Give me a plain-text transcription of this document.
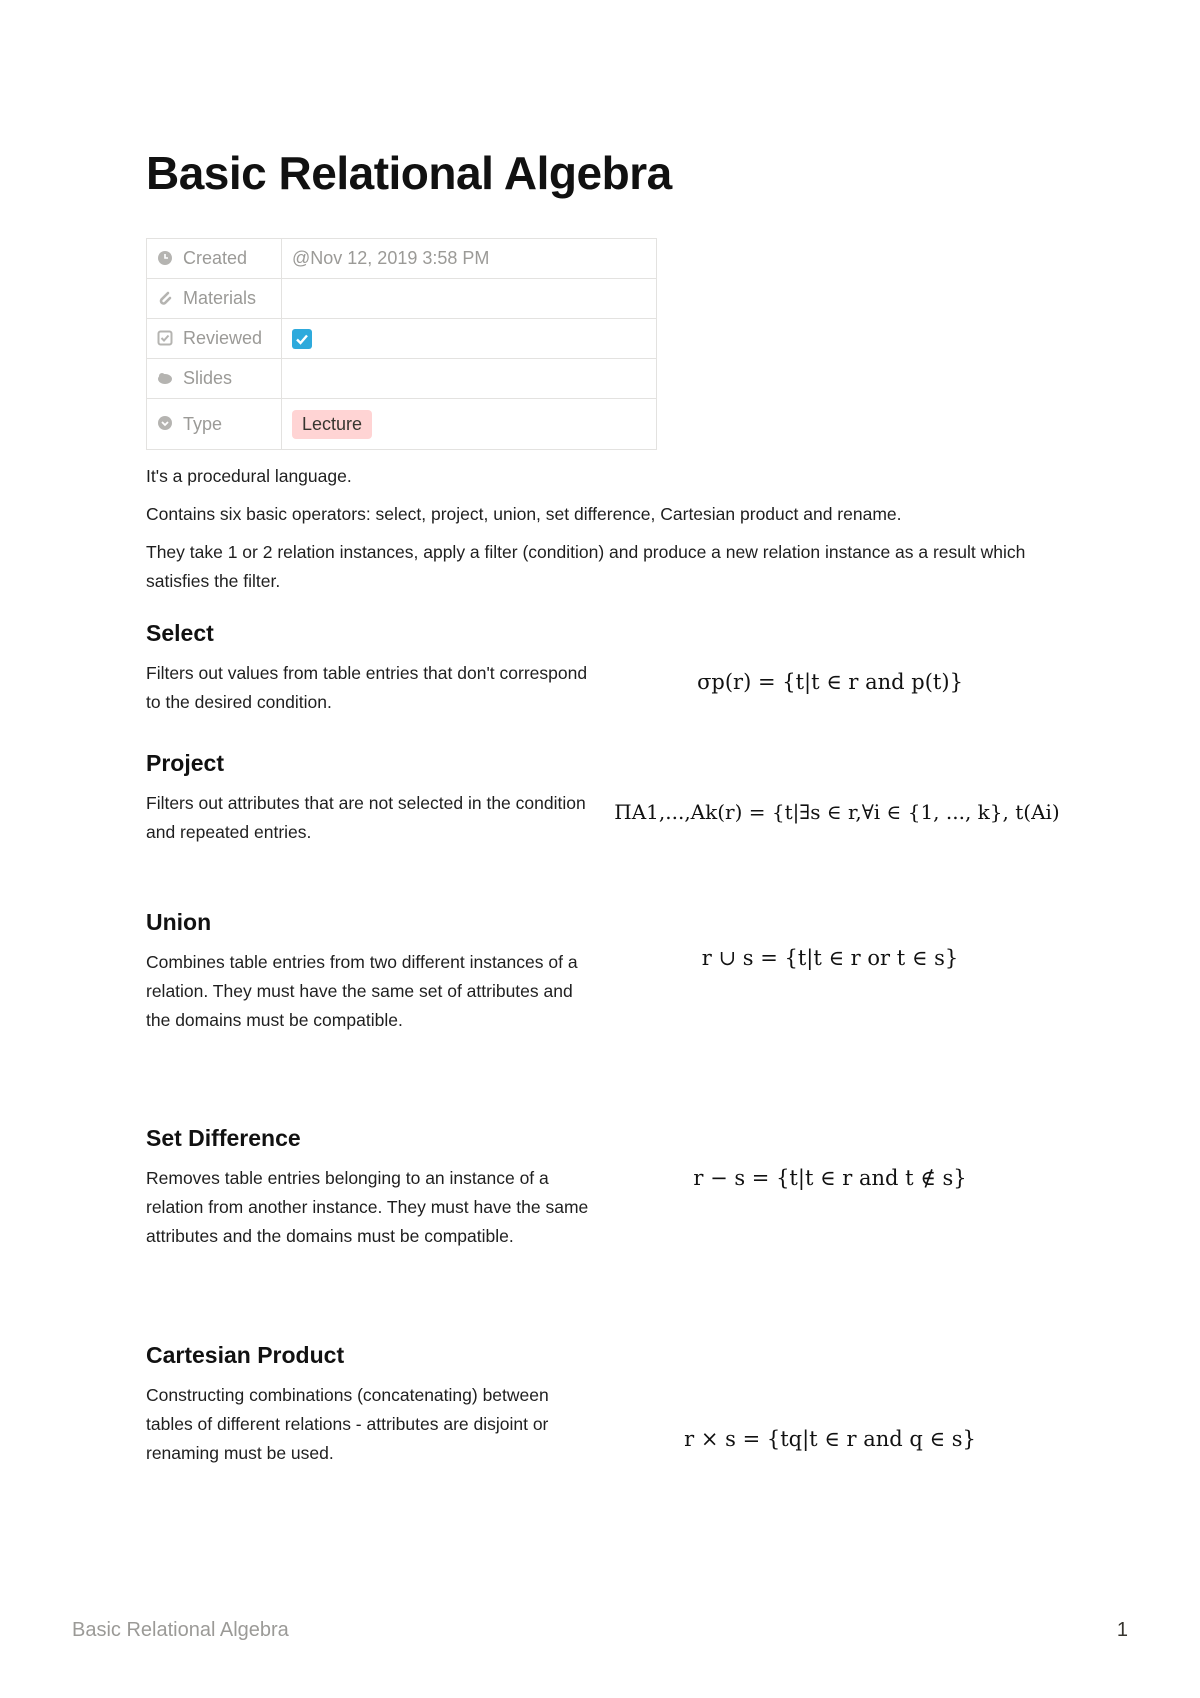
Basic Relational Algebra
Created	@Nov 12, 2019 3:58 PM
Materials	
Reviewed	

Slides	
Type	Lecture

It's a procedural language.

Contains six basic operators: select, project, union, set difference, Cartesian product and rename.

They take 1 or 2 relation instances, apply a filter (condition) and produce a new relation instance as a result which satisfies the filter.

Select

Filters out values from table entries that don't correspond to the desired condition.

σp(r) = {t|t ∈ r and p(t)}
Project

Filters out attributes that are not selected in the condition and repeated entries.

ΠA1,...,Ak(r) = {t|∃s ∈ r,∀i ∈ {1, ..., k}, t(Ai)
Union

Combines table entries from two different instances of a relation. They must have the same set of attributes and the domains must be compatible.

r ∪ s = {t|t ∈ r or t ∈ s}
Set Difference

Removes table entries belonging to an instance of a relation from another instance. They must have the same attributes and the domains must be compatible.

r − s = {t|t ∈ r and t ∉ s}
Cartesian Product

Constructing combinations (concatenating) between tables of different relations - attributes are disjoint or renaming must be used.

r × s = {tq|t ∈ r and q ∈ s}
Basic Relational Algebra	1
